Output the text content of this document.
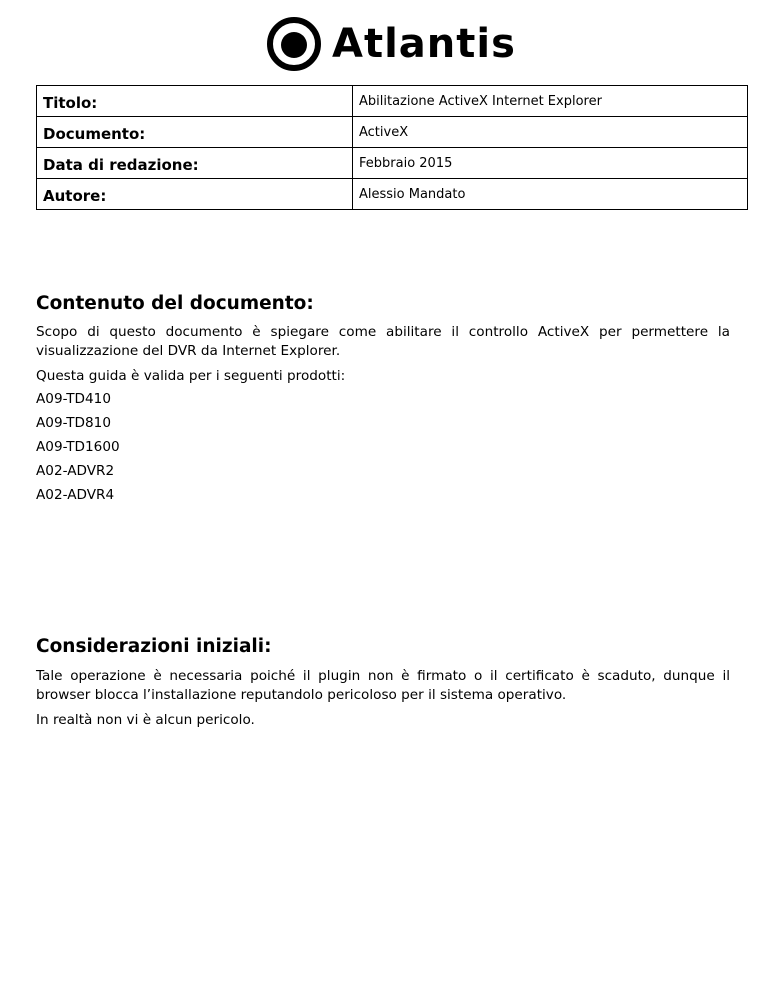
Atlantis
Titolo:	Abilitazione ActiveX Internet Explorer
Documento:	ActiveX
Data di redazione:	Febbraio 2015
Autore:	Alessio Mandato
Contenuto del documento:

Scopo di questo documento è spiegare come abilitare il controllo ActiveX per permettere la visualizzazione del DVR da Internet Explorer.

Questa guida è valida per i seguenti prodotti:

A09-TD410

A09-TD810

A09-TD1600

A02-ADVR2

A02-ADVR4

Considerazioni iniziali:

Tale operazione è necessaria poiché il plugin non è firmato o il certificato è scaduto, dunque il browser blocca l’installazione reputandolo pericoloso per il sistema operativo.

In realtà non vi è alcun pericolo.
